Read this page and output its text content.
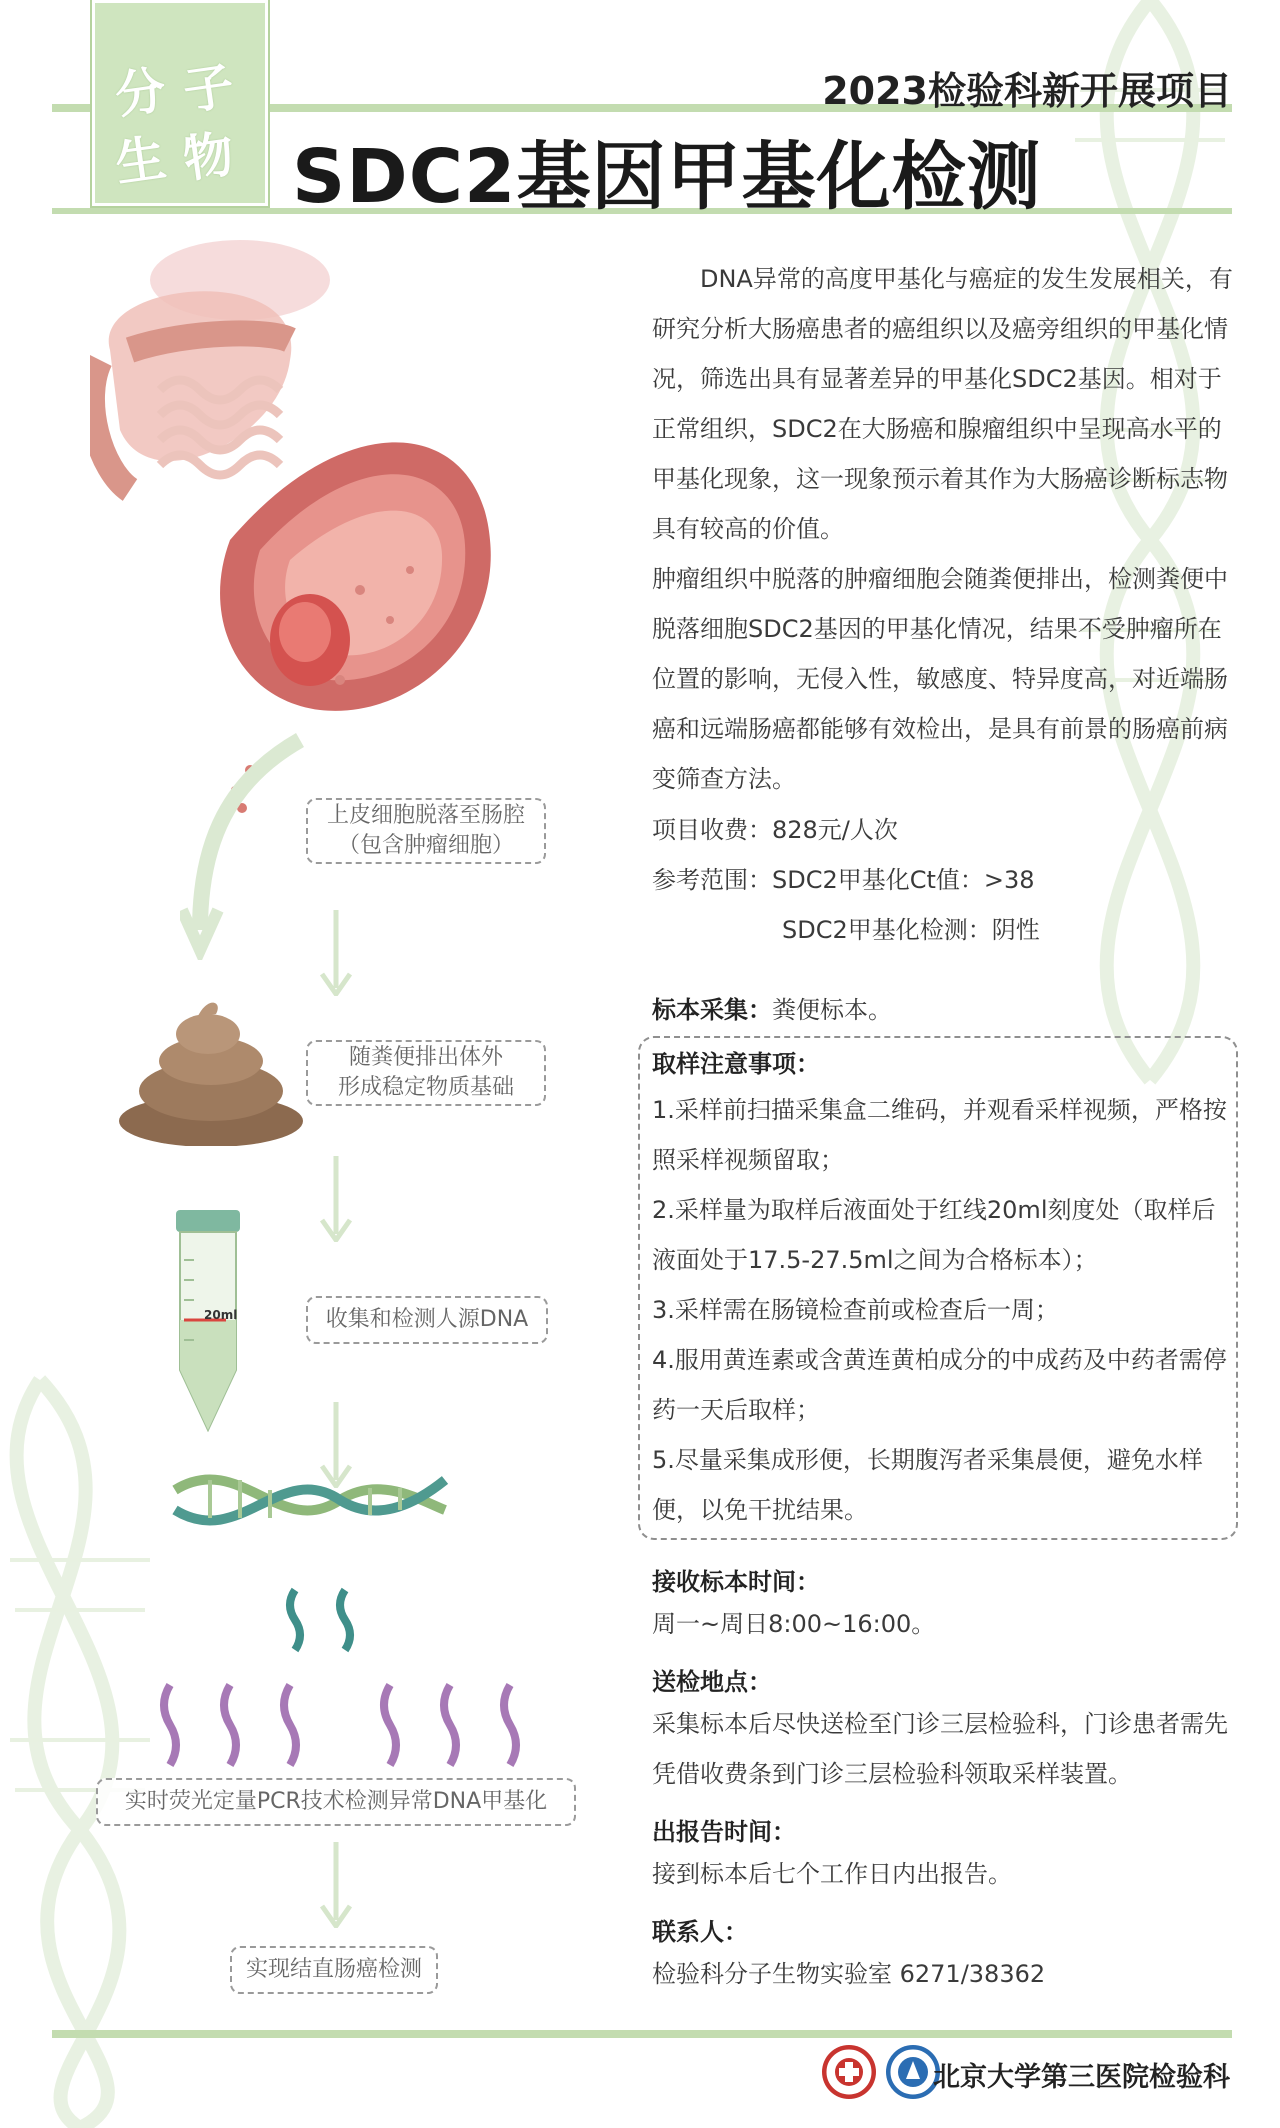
分 子
生 物
2023检验科新开展项目
SDC2基因甲基化检测
上皮细胞脱落至肠腔
（包含肿瘤细胞）
随粪便排出体外
形成稳定物质基础
20ml	收集和检测人源DNA
实时荧光定量PCR技术检测异常DNA甲基化
实现结直肠癌检测

DNA异常的高度甲基化与癌症的发生发展相关，有研究分析大肠癌患者的癌组织以及癌旁组织的甲基化情况，筛选出具有显著差异的甲基化SDC2基因。相对于正常组织，SDC2在大肠癌和腺瘤组织中呈现高水平的甲基化现象，这一现象预示着其作为大肠癌诊断标志物具有较高的价值。

肿瘤组织中脱落的肿瘤细胞会随粪便排出，检测粪便中脱落细胞SDC2基因的甲基化情况，结果不受肿瘤所在位置的影响，无侵入性，敏感度、特异度高，对近端肠癌和远端肠癌都能够有效检出，是具有前景的肠癌前病变筛查方法。

项目收费：828元/人次
参考范围：SDC2甲基化Ct值：>38
SDC2甲基化检测：阴性
标本采集：粪便标本。
取样注意事项：

1.采样前扫描采集盒二维码，并观看采样视频，严格按照采样视频留取；

2.采样量为取样后液面处于红线20ml刻度处（取样后液面处于17.5-27.5ml之间为合格标本）；

3.采样需在肠镜检查前或检查后一周；

4.服用黄连素或含黄连黄柏成分的中成药及中药者需停药一天后取样；

5.尽量采集成形便，长期腹泻者采集晨便，避免水样便，以免干扰结果。

接收标本时间：
周一~周日8:00~16:00。
送检地点：
采集标本后尽快送检至门诊三层检验科，门诊患者需先凭借收费条到门诊三层检验科领取采样装置。
出报告时间：
接到标本后七个工作日内出报告。
联系人：
检验科分子生物实验室 6271/38362
北京大学第三医院检验科
